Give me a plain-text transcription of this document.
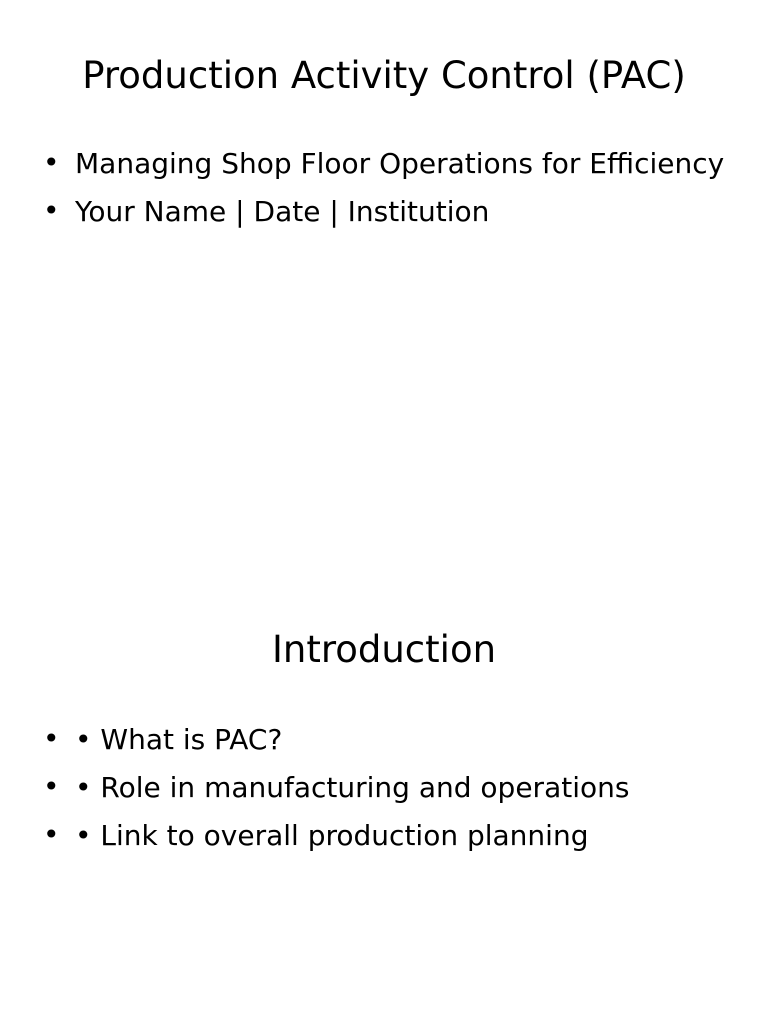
Production Activity Control (PAC)
• Managing Shop Floor Operations for Efficiency
• Your Name | Date | Institution
Introduction
• • What is PAC?
• • Role in manufacturing and operations
• • Link to overall production planning
